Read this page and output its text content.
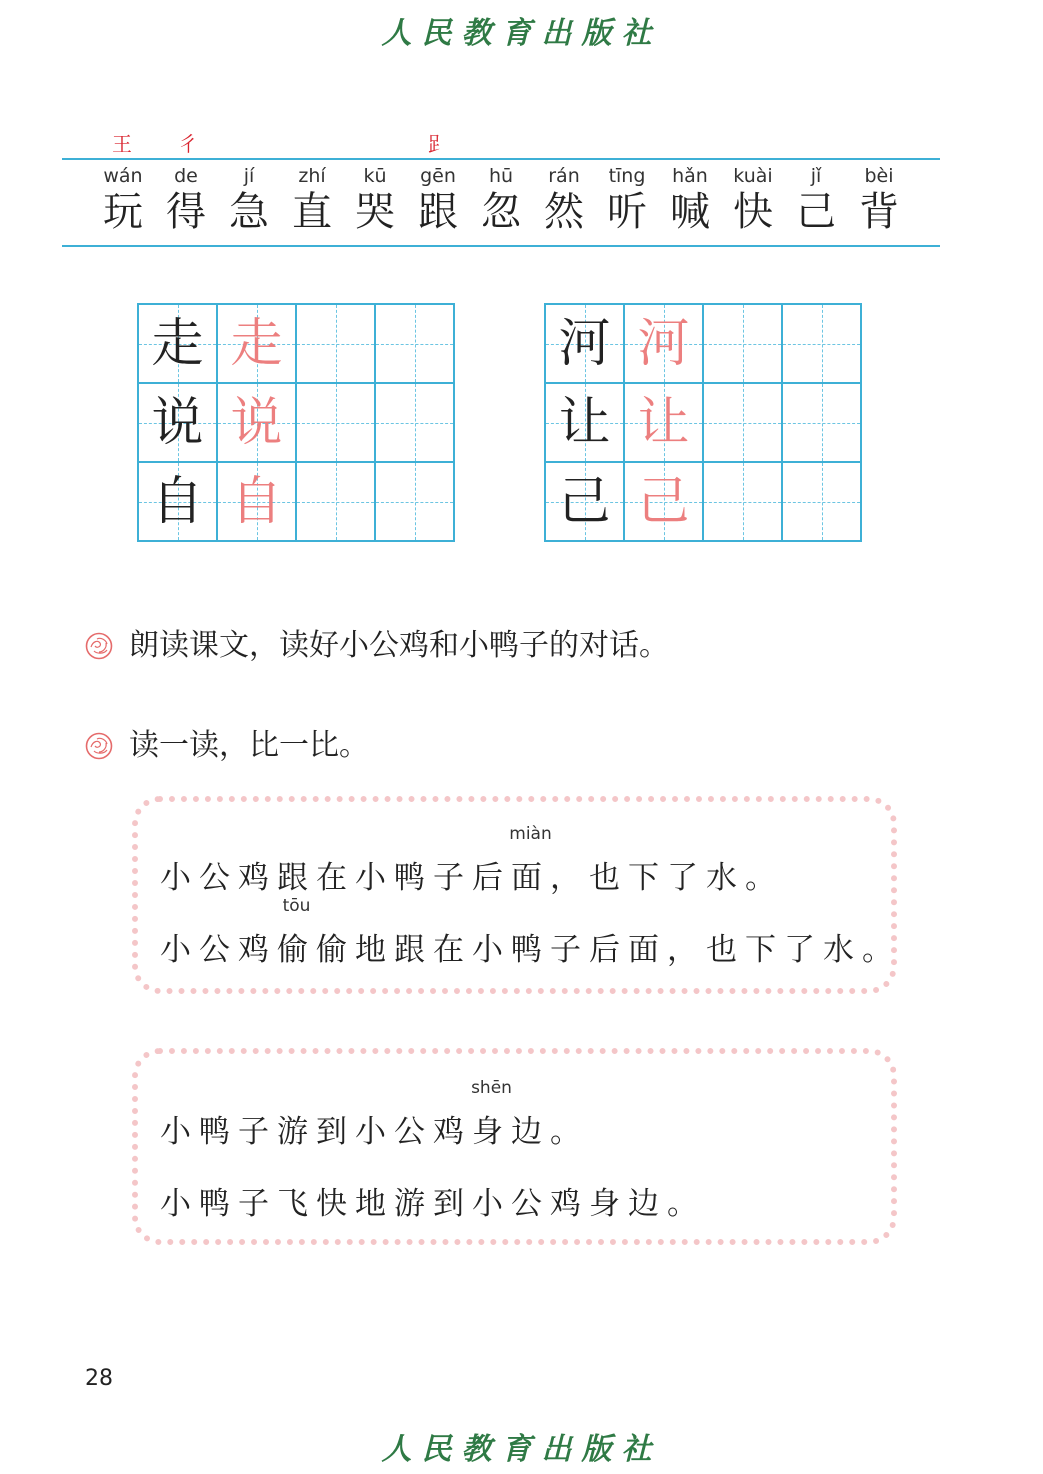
人民教育出版社
王 彳	𧾷
wán
玩
de
得
jí
急
zhí
直
kū
哭
gēn
跟
hū
忽
rán
然
tīng
听
hǎn
喊
kuài
快
jǐ
己
bèi
背
走 走
说 说
自 自
河 河
让 让
己 己
朗读课文，读好小公鸡和小鸭子的对话。
读一读，比一比。
小公鸡跟在小鸭子后
miàn
面，也下了水。
小公鸡
tōu
偷偷地跟在小鸭子后面，也下了水。
小鸭子游到小公鸡
shēn
身边。
小鸭子飞快地游到小公鸡身边。
28
人民教育出版社
